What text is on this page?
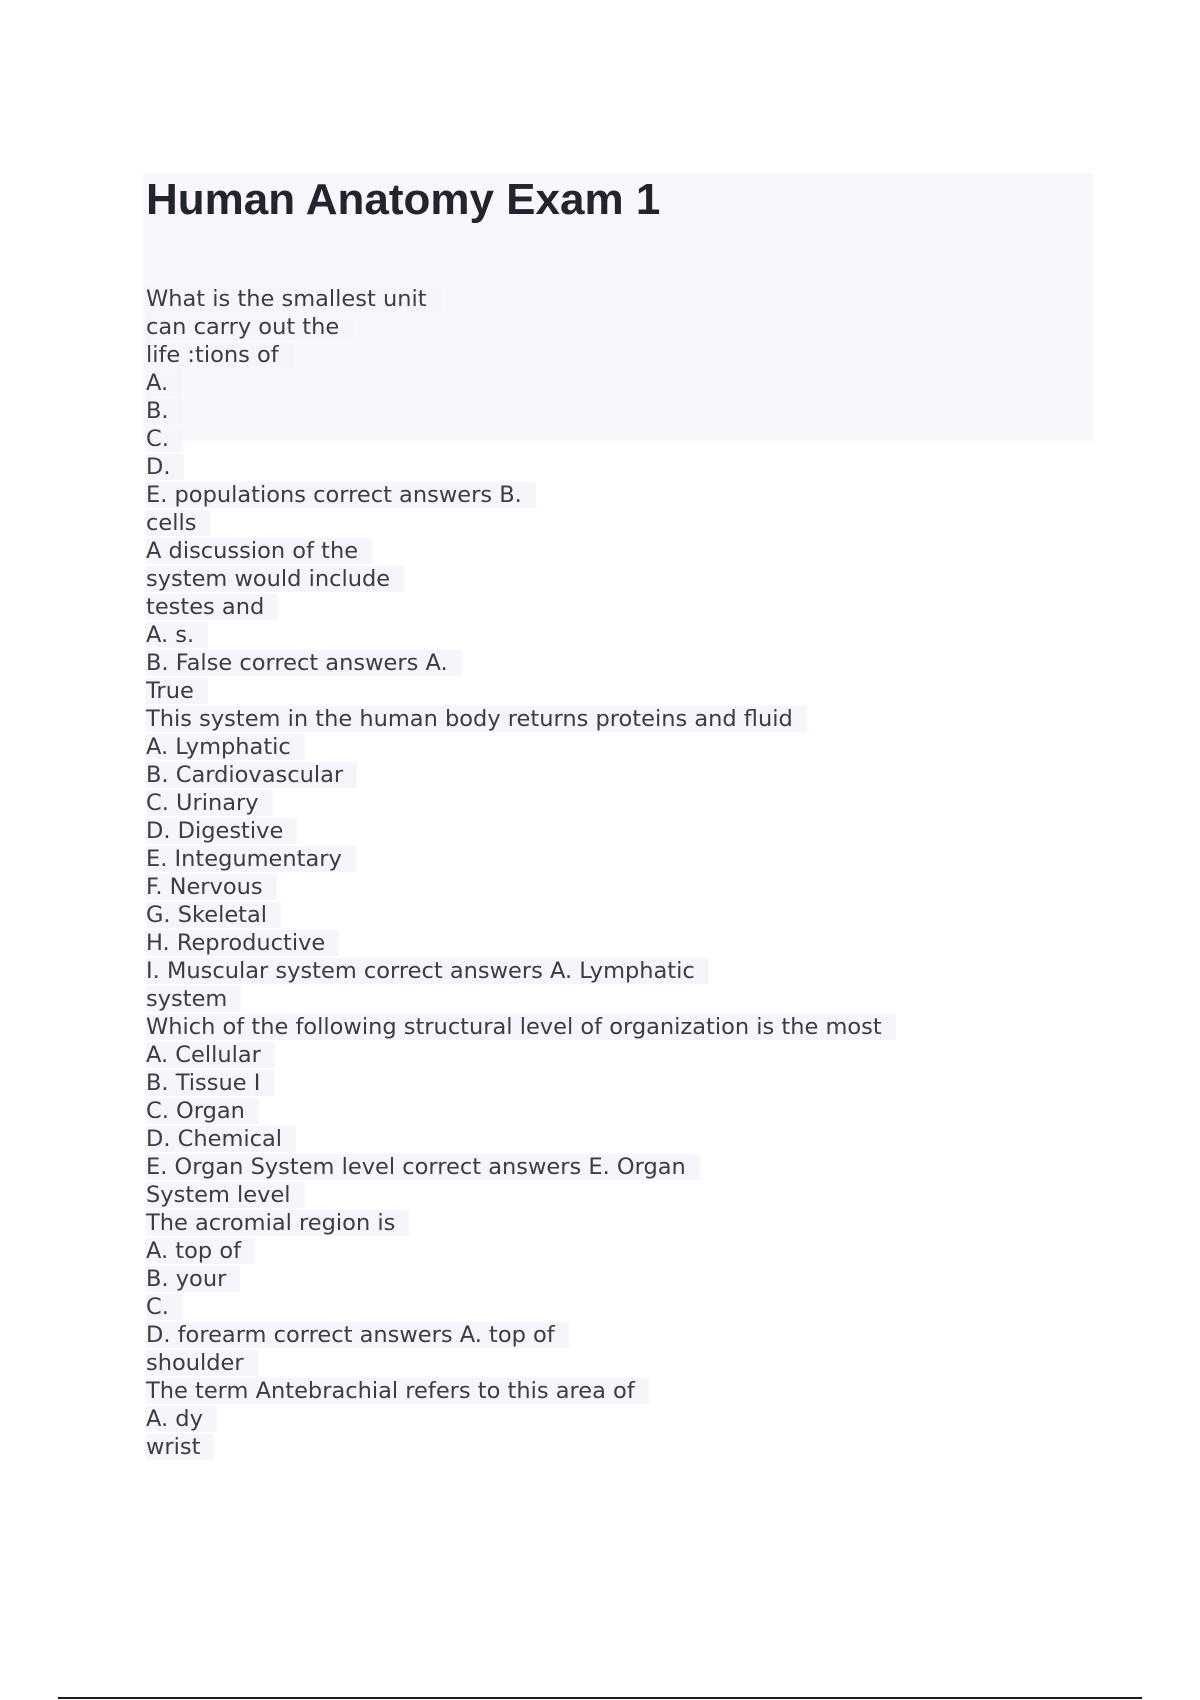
Human Anatomy Exam 1
What is the smallest unit
can carry out the
life :tions of
A.
B.
C.
D.
E. populations correct answers B.
cells
A discussion of the
system would include
testes and
A. ѕ.
B. False correct answers A.
True
This system in the human body returns proteins and fluid
A. Lymphatic
B. Cardiovascular
C. Urinary
D. Digestive
E. Integumentary
F. Nervous
G. Skeletal
H. Reproductive
I. Muscular system correct answers A. Lymphatic
system
Which of the following structural level of organization is the most
A. Cellular
B. Tissue I
C. Organ
D. Chemical
E. Organ System level correct answers E. Organ
System level
The acromial region is
A. top of
B. your
C.
D. forearm correct answers A. top of
shoulder
The term Antebrachial refers to this area of
A. dy
wrist
